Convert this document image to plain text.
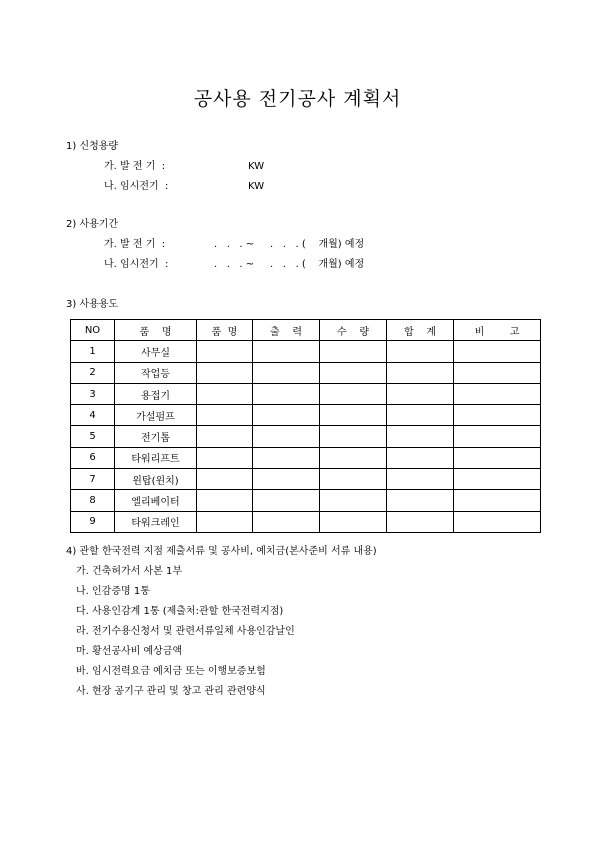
공사용 전기공사 계획서
1) 신청용량
가. 발 전 기  :	KW
나. 임시전기  :	KW
2) 사용기간
가. 발 전 기  :	.   .   . ~     .   .   . (    개월) 예정
나. 임시전기  :	.   .   . ~     .   .   . (    개월) 예정
3) 사용용도
NO	품    명	품  명	출    력	수    량	합    계	비        고
1	사무실					
2	작업등					
3	용접기					
4	가설펌프					
5	전기톱					
6	타워리프트					
7	윈탑(윈치)					
8	엘리베이터					
9	타워크레인					
4) 관할 한국전력 지점 제출서류 및 공사비, 예치금(본사준비 서류 내용)
가. 건축허가서 사본 1부
나. 인감증명 1통
다. 사용인감계 1통 (제출처:관할 한국전력지점)
라. 전기수용신청서 및 관련서류일체 사용인감날인
마. 황선공사비 예상금액
바. 임시전력요금 예치금 또는 이행보증보험
사. 현장 공기구 관리 및 창고 관리 관련양식
